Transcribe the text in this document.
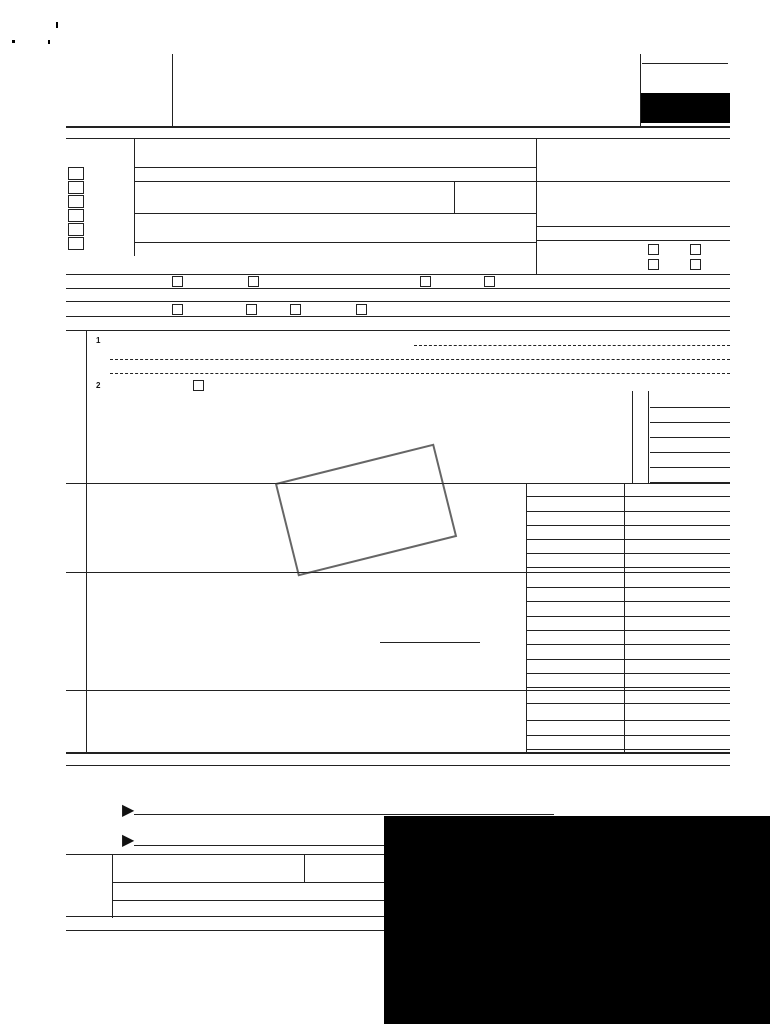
1
2
▶
▶
